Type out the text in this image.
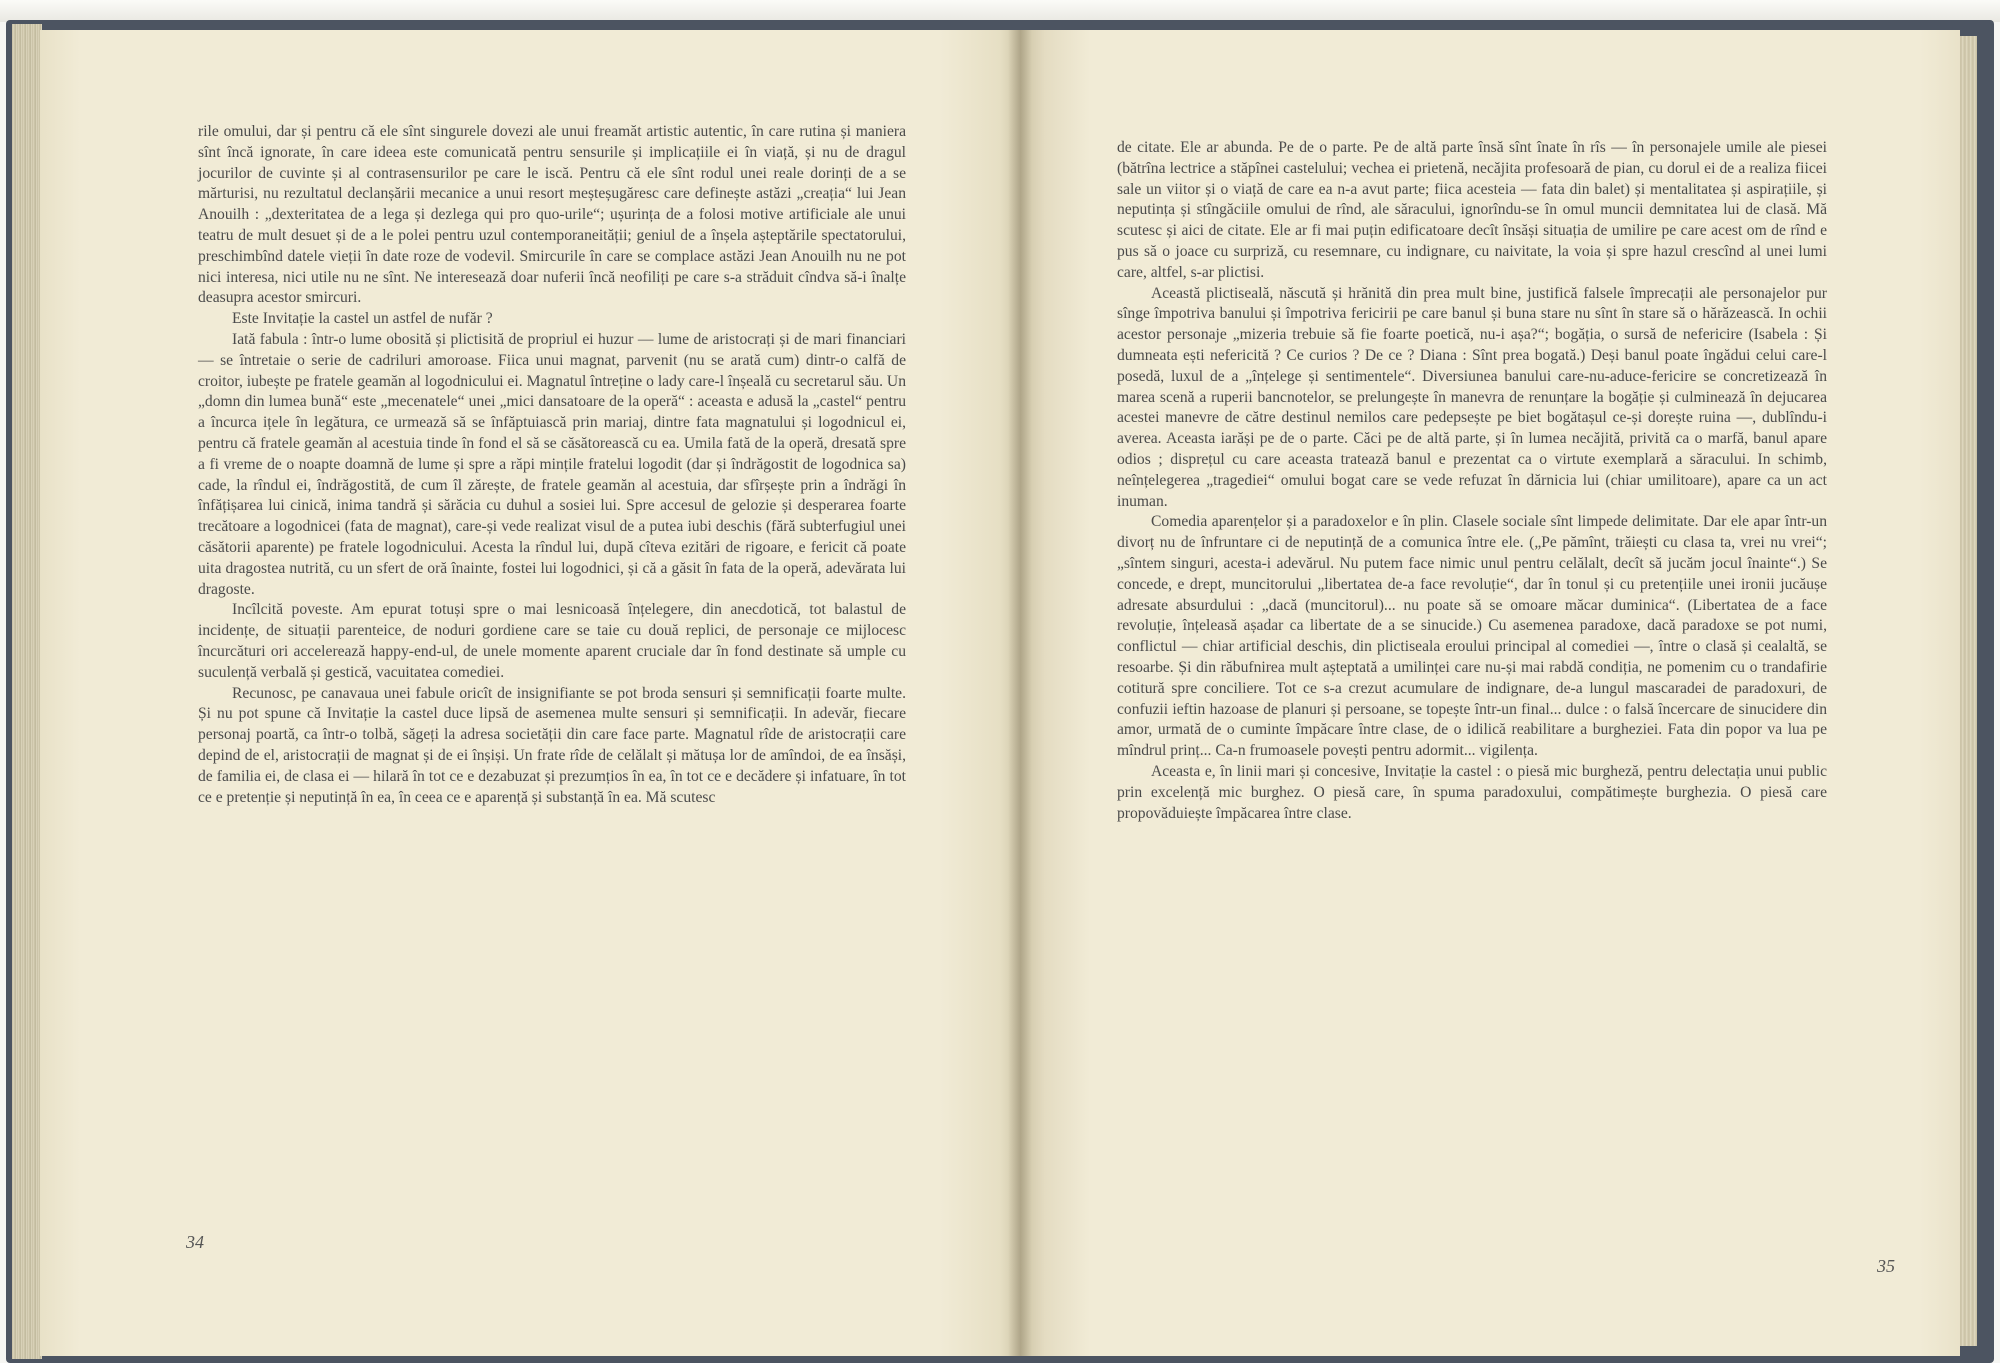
rile omului, dar și pentru că ele sînt singurele dovezi ale unui freamăt artistic autentic, în care rutina și maniera sînt încă ignorate, în care ideea este comunicată pentru sensurile și implicațiile ei în viață, și nu de dragul jocurilor de cuvinte și al contrasensurilor pe care le iscă. Pentru că ele sînt rodul unei reale dorinți de a se mărturisi, nu rezultatul declanșării mecanice a unui resort meșteșugăresc care definește astăzi „creația“ lui Jean Anouilh : „dexteritatea de a lega și dezlega qui pro quo-urile“; ușurința de a folosi motive artificiale ale unui teatru de mult desuet și de a le polei pentru uzul contemporaneității; geniul de a înșela așteptările spectatorului, preschimbînd datele vieții în date roze de vodevil. Smircurile în care se complace astăzi Jean Anouilh nu ne pot nici interesa, nici utile nu ne sînt. Ne interesează doar nuferii încă neofiliți pe care s-a străduit cîndva să-i înalțe deasupra acestor smircuri.

Este Invitație la castel un astfel de nufăr ?

Iată fabula : într-o lume obosită și plictisită de propriul ei huzur — lume de aristocrați și de mari financiari — se întretaie o serie de cadriluri amoroase. Fiica unui magnat, parvenit (nu se arată cum) dintr-o calfă de croitor, iubește pe fratele geamăn al logodnicului ei. Magnatul întreține o lady care-l înșeală cu secretarul său. Un „domn din lumea bună“ este „mecenatele“ unei „mici dansatoare de la operă“ : aceasta e adusă la „castel“ pentru a încurca ițele în legătura, ce urmează să se înfăptuiască prin mariaj, dintre fata magnatului și logodnicul ei, pentru că fratele geamăn al acestuia tinde în fond el să se căsătorească cu ea. Umila fată de la operă, dresată spre a fi vreme de o noapte doamnă de lume și spre a răpi mințile fratelui logodit (dar și îndrăgostit de logodnica sa) cade, la rîndul ei, îndrăgostită, de cum îl zărește, de fratele geamăn al acestuia, dar sfîrșește prin a îndrăgi în înfățișarea lui cinică, inima tandră și sărăcia cu duhul a sosiei lui. Spre accesul de gelozie și desperarea foarte trecătoare a logodnicei (fata de magnat), care-și vede realizat visul de a putea iubi deschis (fără subterfugiul unei căsătorii aparente) pe fratele logodnicului. Acesta la rîndul lui, după cîteva ezitări de rigoare, e fericit că poate uita dragostea nutrită, cu un sfert de oră înainte, fostei lui logodnici, și că a găsit în fata de la operă, adevărata lui dragoste.

Incîlcită poveste. Am epurat totuși spre o mai lesnicoasă înțelegere, din anecdotică, tot balastul de incidențe, de situații parenteice, de noduri gordiene care se taie cu două replici, de personaje ce mijlocesc încurcături ori accelerează happy-end-ul, de unele momente aparent cruciale dar în fond destinate să umple cu suculență verbală și gestică, vacuitatea comediei.

Recunosc, pe canavaua unei fabule oricît de insignifiante se pot broda sensuri și semnificații foarte multe. Și nu pot spune că Invitație la castel duce lipsă de asemenea multe sensuri și semnificații. In adevăr, fiecare personaj poartă, ca într-o tolbă, săgeți la adresa societății din care face parte. Magnatul rîde de aristocrații care depind de el, aristocrații de magnat și de ei înșiși. Un frate rîde de celălalt și mătușa lor de amîndoi, de ea însăși, de familia ei, de clasa ei — hilară în tot ce e dezabuzat și prezumțios în ea, în tot ce e decădere și infatuare, în tot ce e pretenție și neputință în ea, în ceea ce e aparență și substanță în ea. Mă scutesc

34

de citate. Ele ar abunda. Pe de o parte. Pe de altă parte însă sînt înate în rîs — în personajele umile ale piesei (bătrîna lectrice a stăpînei castelului; vechea ei prietenă, necăjita profesoară de pian, cu dorul ei de a realiza fiicei sale un viitor și o viață de care ea n-a avut parte; fiica acesteia — fata din balet) și mentalitatea și aspirațiile, și neputința și stîngăciile omului de rînd, ale săracului, ignorîndu-se în omul muncii demnitatea lui de clasă. Mă scutesc și aici de citate. Ele ar fi mai puțin edificatoare decît însăși situația de umilire pe care acest om de rînd e pus să o joace cu surpriză, cu resemnare, cu indignare, cu naivitate, la voia și spre hazul crescînd al unei lumi care, altfel, s-ar plictisi.

Această plictiseală, născută și hrănită din prea mult bine, justifică falsele împrecații ale personajelor pur sînge împotriva banului și împotriva fericirii pe care banul și buna stare nu sînt în stare să o hărăzească. In ochii acestor personaje „mizeria trebuie să fie foarte poetică, nu-i așa?“; bogăția, o sursă de nefericire (Isabela : Și dumneata ești nefericită ? Ce curios ? De ce ? Diana : Sînt prea bogată.) Deși banul poate îngădui celui care-l posedă, luxul de a „înțelege și sentimentele“. Diversiunea banului care-nu-aduce-fericire se concretizează în marea scenă a ruperii bancnotelor, se prelungește în manevra de renunțare la bogăție și culminează în dejucarea acestei manevre de către destinul nemilos care pedepsește pe biet bogătașul ce-și dorește ruina —, dublîndu-i averea. Aceasta iarăși pe de o parte. Căci pe de altă parte, și în lumea necăjită, privită ca o marfă, banul apare odios ; disprețul cu care aceasta tratează banul e prezentat ca o virtute exemplară a săracului. In schimb, neînțelegerea „tragediei“ omului bogat care se vede refuzat în dărnicia lui (chiar umilitoare), apare ca un act inuman.

Comedia aparențelor și a paradoxelor e în plin. Clasele sociale sînt limpede delimitate. Dar ele apar într-un divorț nu de înfruntare ci de neputință de a comunica între ele. („Pe pămînt, trăiești cu clasa ta, vrei nu vrei“; „sîntem singuri, acesta-i adevărul. Nu putem face nimic unul pentru celălalt, decît să jucăm jocul înainte“.) Se concede, e drept, muncitorului „libertatea de-a face revoluție“, dar în tonul și cu pretențiile unei ironii jucăușe adresate absurdului : „dacă (muncitorul)... nu poate să se omoare măcar duminica“. (Libertatea de a face revoluție, înțeleasă așadar ca libertate de a se sinucide.) Cu asemenea paradoxe, dacă paradoxe se pot numi, conflictul — chiar artificial deschis, din plictiseala eroului principal al comediei —, între o clasă și cealaltă, se resoarbe. Și din răbufnirea mult așteptată a umilinței care nu-și mai rabdă condiția, ne pomenim cu o trandafirie cotitură spre conciliere. Tot ce s-a crezut acumulare de indignare, de-a lungul mascaradei de paradoxuri, de confuzii ieftin hazoase de planuri și persoane, se topește într-un final... dulce : o falsă încercare de sinucidere din amor, urmată de o cuminte împăcare între clase, de o idilică reabilitare a burgheziei. Fata din popor va lua pe mîndrul prinț... Ca-n frumoasele povești pentru adormit... vigilența.

Aceasta e, în linii mari și concesive, Invitație la castel : o piesă mic burgheză, pentru delectația unui public prin excelență mic burghez. O piesă care, în spuma paradoxului, compătimește burghezia. O piesă care propovăduiește împăcarea între clase.

35
